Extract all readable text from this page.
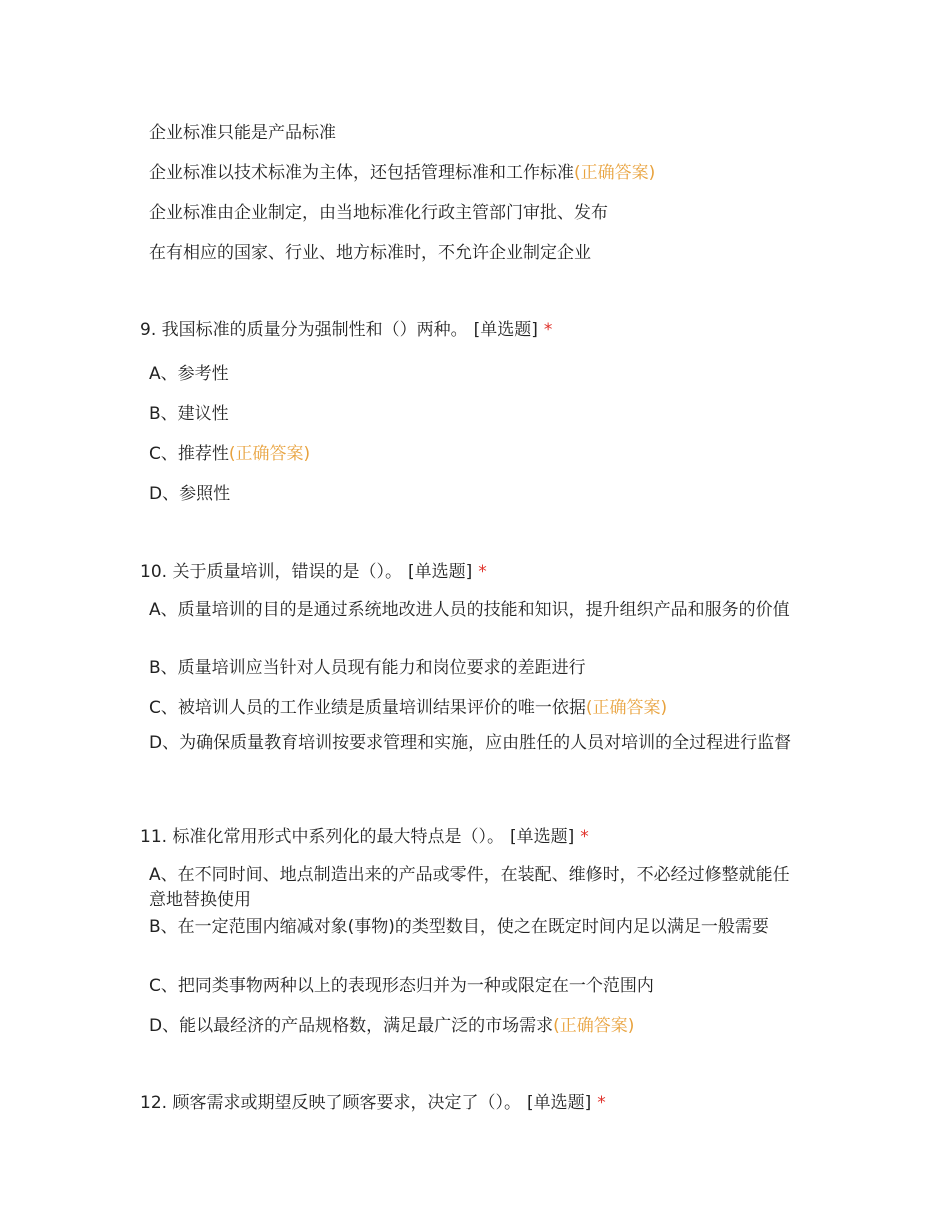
企业标准只能是产品标准
企业标准以技术标准为主体，还包括管理标准和工作标准(正确答案)
企业标准由企业制定，由当地标准化行政主管部门审批、发布
在有相应的国家、行业、地方标准时，不允许企业制定企业
9. 我国标准的质量分为强制性和（）两种。 [单选题] *
A、参考性
B、建议性
C、推荐性(正确答案)
D、参照性
10. 关于质量培训，错误的是（）。 [单选题] *
A、质量培训的目的是通过系统地改进人员的技能和知识，提升组织产品和服务的价值
B、质量培训应当针对人员现有能力和岗位要求的差距进行
C、被培训人员的工作业绩是质量培训结果评价的唯一依据(正确答案)
D、为确保质量教育培训按要求管理和实施，应由胜任的人员对培训的全过程进行监督
11. 标准化常用形式中系列化的最大特点是（）。 [单选题] *
A、在不同时间、地点制造出来的产品或零件，在装配、维修时，不必经过修整就能任意地替换使用
B、在一定范围内缩减对象(事物)的类型数目，使之在既定时间内足以满足一般需要
C、把同类事物两种以上的表现形态归并为一种或限定在一个范围内
D、能以最经济的产品规格数，满足最广泛的市场需求(正确答案)
12. 顾客需求或期望反映了顾客要求，决定了（）。 [单选题] *
